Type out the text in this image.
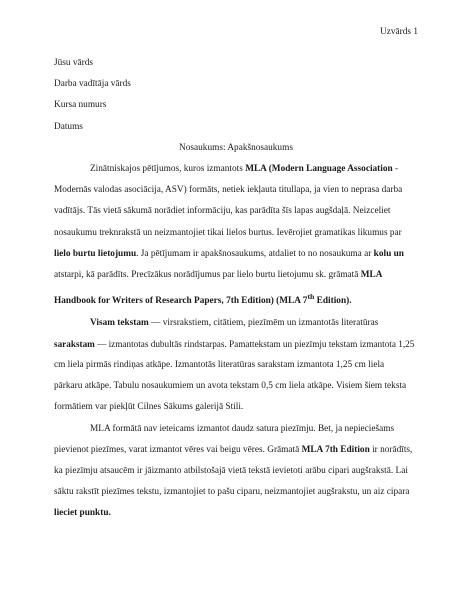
Uzvārds 1
Jūsu vārds
Darba vadītāja vārds
Kursa numurs
Datums
Nosaukums: Apakšnosaukums
Zinātniskajos pētījumos, kuros izmantots MLA (Modern Language Association -
Modernās valodas asociācija, ASV) formāts, netiek iekļauta titullapa, ja vien to neprasa darba
vadītājs. Tās vietā sākumā norādiet informāciju, kas parādīta šīs lapas augšdaļā. Neizceliet
nosaukumu treknrakstā un neizmantojiet tikai lielos burtus. Ievērojiet gramatikas likumus par
lielo burtu lietojumu. Ja pētījumam ir apakšnosaukums, atdaliet to no nosaukuma ar kolu un
atstarpi, kā parādīts. Precīzākus norādījumus par lielo burtu lietojumu sk. grāmatā MLA
Handbook for Writers of Research Papers, 7th Edition) (MLA 7th Edition).
Visam tekstam — virsrakstiem, citātiem, piezīmēm un izmantotās literatūras
sarakstam — izmantotas dubultās rindstarpas. Pamattekstam un piezīmju tekstam izmantota 1,25
cm liela pirmās rindiņas atkāpe. Izmantotās literatūras sarakstam izmantota 1,25 cm liela
pārkaru atkāpe. Tabulu nosaukumiem un avota tekstam 0,5 cm liela atkāpe. Visiem šiem teksta
formātiem var piekļūt Cilnes Sākums galerijā Stili.
MLA formātā nav ieteicams izmantot daudz satura piezīmju. Bet, ja nepieciešams
pievienot piezīmes, varat izmantot vēres vai beigu vēres. Grāmatā MLA 7th Edition ir norādīts,
ka piezīmju atsaucēm ir jāizmanto atbilstošajā vietā tekstā ievietoti arābu cipari augšrakstā. Lai
sāktu rakstīt piezīmes tekstu, izmantojiet to pašu ciparu, neizmantojiet augšrakstu, un aiz cipara
lieciet punktu.
